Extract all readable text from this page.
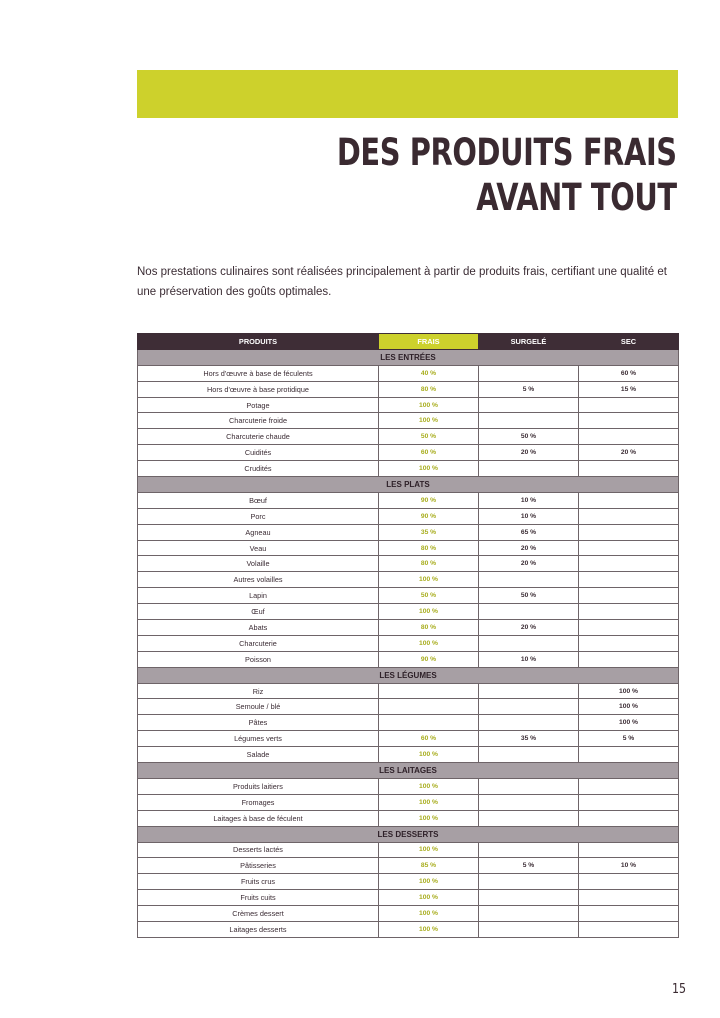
DES PRODUITS FRAIS
AVANT TOUT

Nos prestations culinaires sont réalisées principalement à partir de produits frais, certifiant une qualité et une préservation des goûts optimales.

PRODUITS	FRAIS	SURGELÉ	SEC
LES ENTRÉES			
Hors d'œuvre à base de féculents	40 %		60 %
Hors d'œuvre à base protidique	80 %	5 %	15 %
Potage	100 %		
Charcuterie froide	100 %		
Charcuterie chaude	50 %	50 %	
Cuidités	60 %	20 %	20 %
Crudités	100 %		
LES PLATS			
Bœuf	90 %	10 %	
Porc	90 %	10 %	
Agneau	35 %	65 %	
Veau	80 %	20 %	
Volaille	80 %	20 %	
Autres volailles	100 %		
Lapin	50 %	50 %	
Œuf	100 %		
Abats	80 %	20 %	
Charcuterie	100 %		
Poisson	90 %	10 %	
LES LÉGUMES			
Riz			100 %
Semoule / blé			100 %
Pâtes			100 %
Légumes verts	60 %	35 %	5 %
Salade	100 %		
LES LAITAGES			
Produits laitiers	100 %		
Fromages	100 %		
Laitages à base de féculent	100 %		
LES DESSERTS			
Desserts lactés	100 %		
Pâtisseries	85 %	5 %	10 %
Fruits crus	100 %		
Fruits cuits	100 %		
Crèmes dessert	100 %		
Laitages desserts	100 %		
15
